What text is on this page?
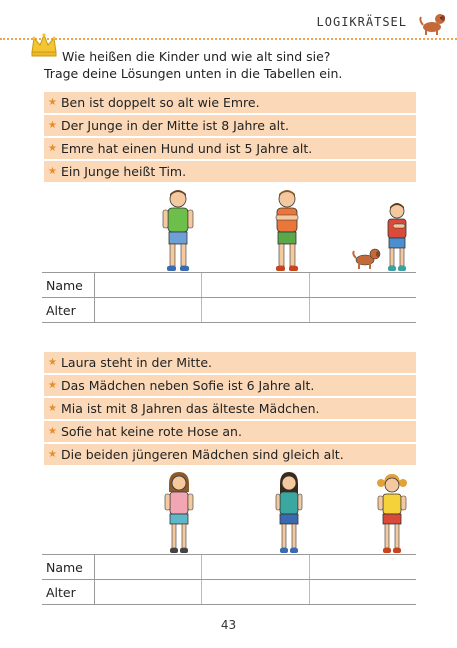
LOGIKRÄTSEL
Wie heißen die Kinder und wie alt sind sie?
Trage deine Lösungen unten in die Tabellen ein.
★ Ben ist doppelt so alt wie Emre.
★ Der Junge in der Mitte ist 8 Jahre alt.
★ Emre hat einen Hund und ist 5 Jahre alt.
★ Ein Junge heißt Tim.
Name
Alter
★ Laura steht in der Mitte.
★ Das Mädchen neben Sofie ist 6 Jahre alt.
★ Mia ist mit 8 Jahren das älteste Mädchen.
★ Sofie hat keine rote Hose an.
★ Die beiden jüngeren Mädchen sind gleich alt.
Name
Alter
43
